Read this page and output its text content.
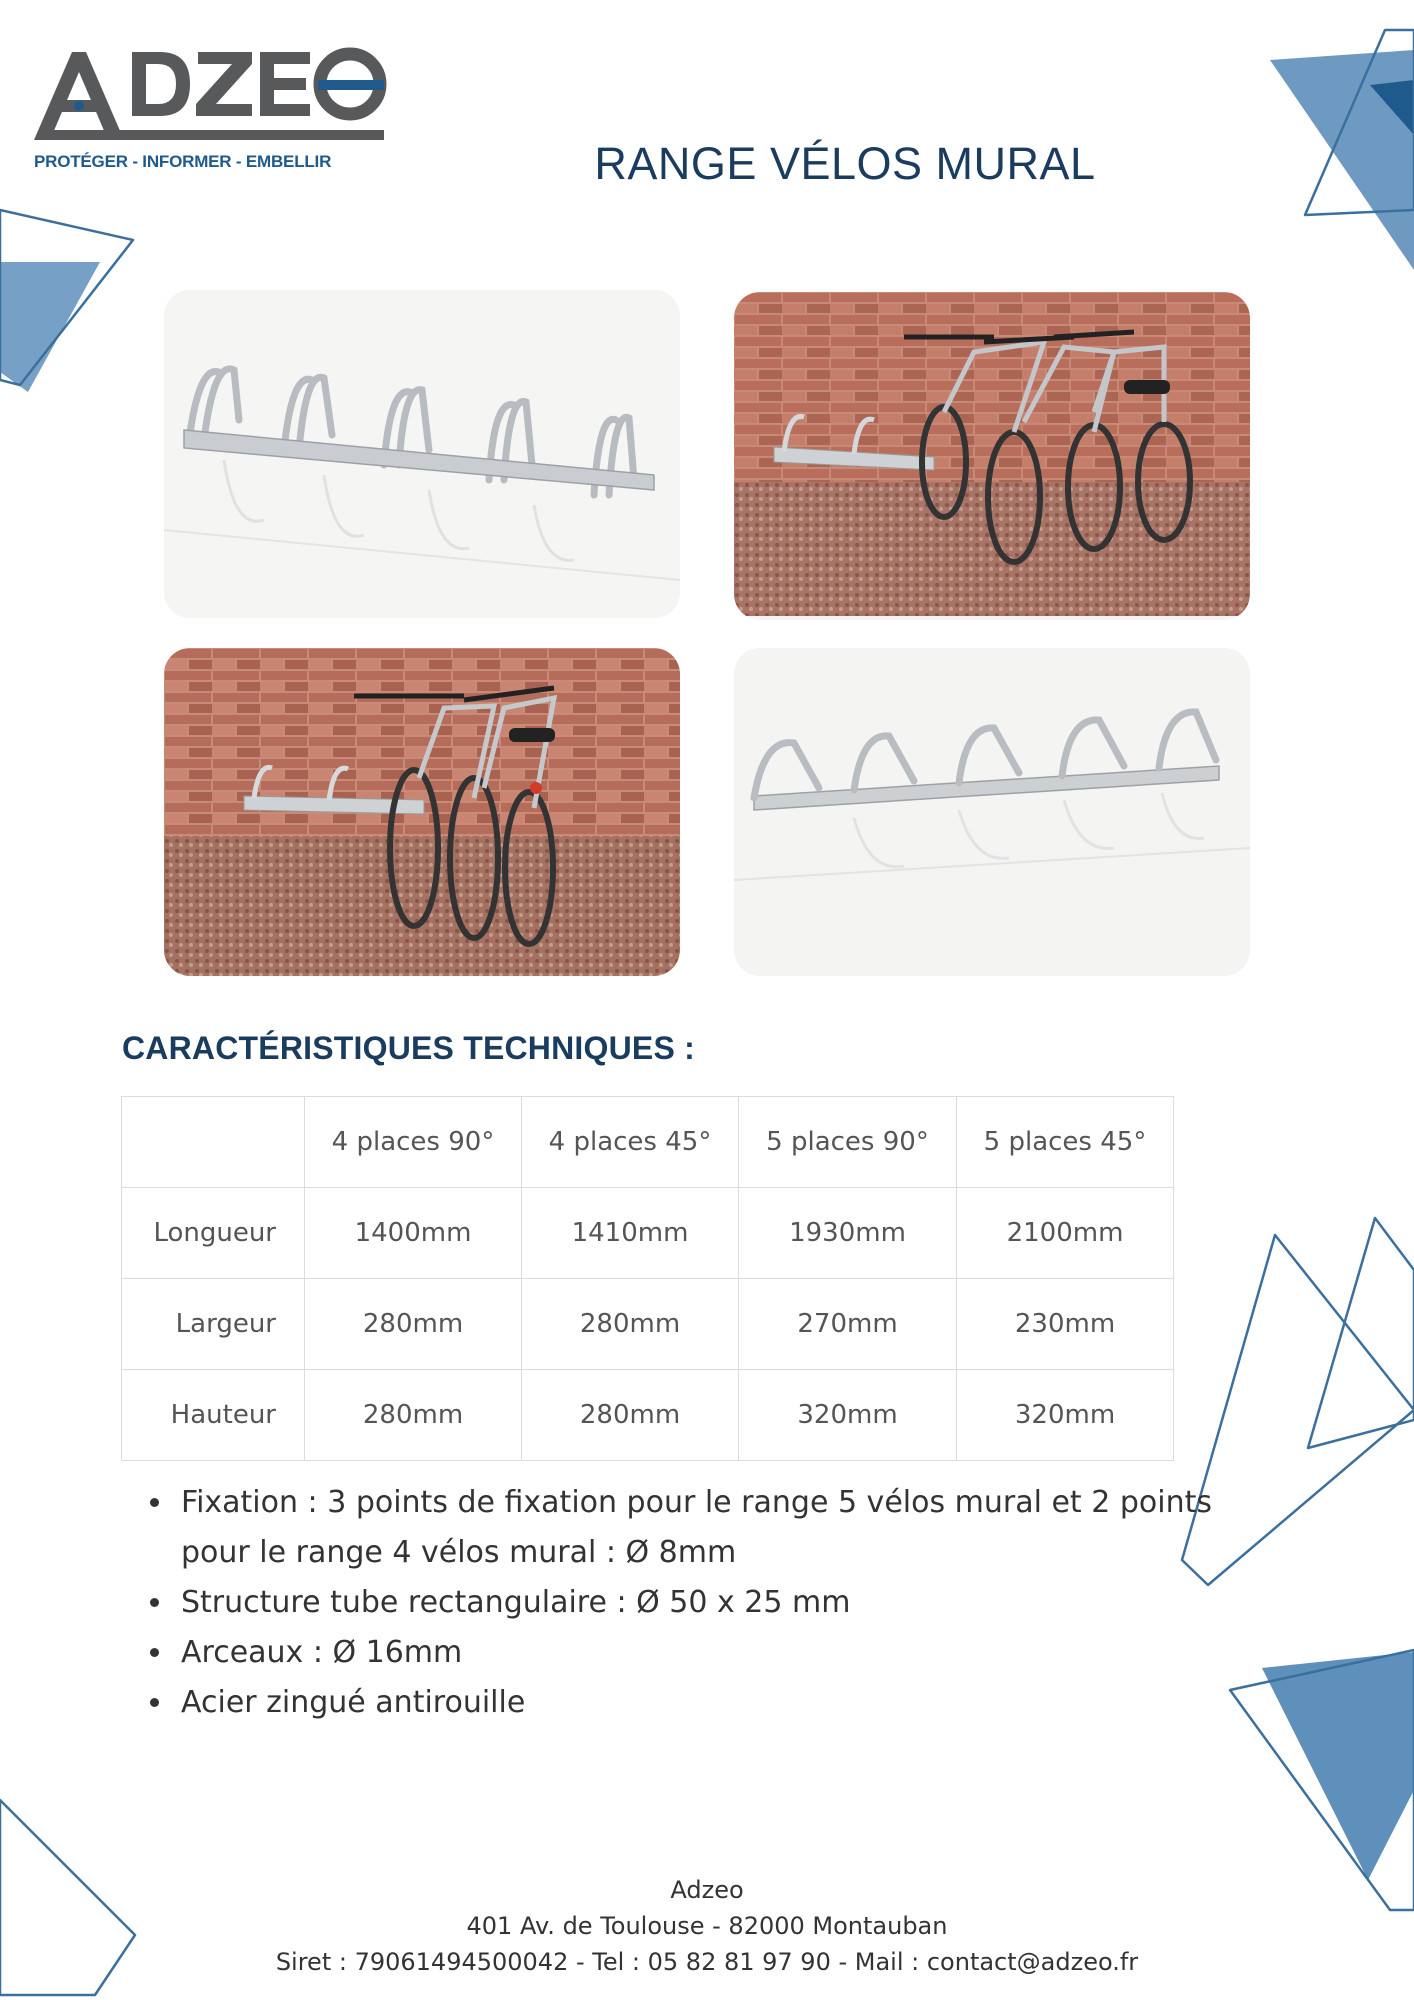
PROTÉGER - INFORMER - EMBELLIR	RANGE VÉLOS MURAL
CARACTÉRISTIQUES TECHNIQUES :
	4 places 90°	4 places 45°	5 places 90°	5 places 45°
Longueur	1400mm	1410mm	1930mm	2100mm
Largeur	280mm	280mm	270mm	230mm
Hauteur	280mm	280mm	320mm	320mm
• Fixation : 3 points de fixation pour le range 5 vélos mural et 2 points pour le range 4 vélos mural : Ø 8mm
• Structure tube rectangulaire : Ø 50 x 25 mm
• Arceaux : Ø 16mm
• Acier zingué antirouille
Adzeo
401 Av. de Toulouse - 82000 Montauban
Siret : 79061494500042 - Tel : 05 82 81 97 90 - Mail : contact@adzeo.fr
